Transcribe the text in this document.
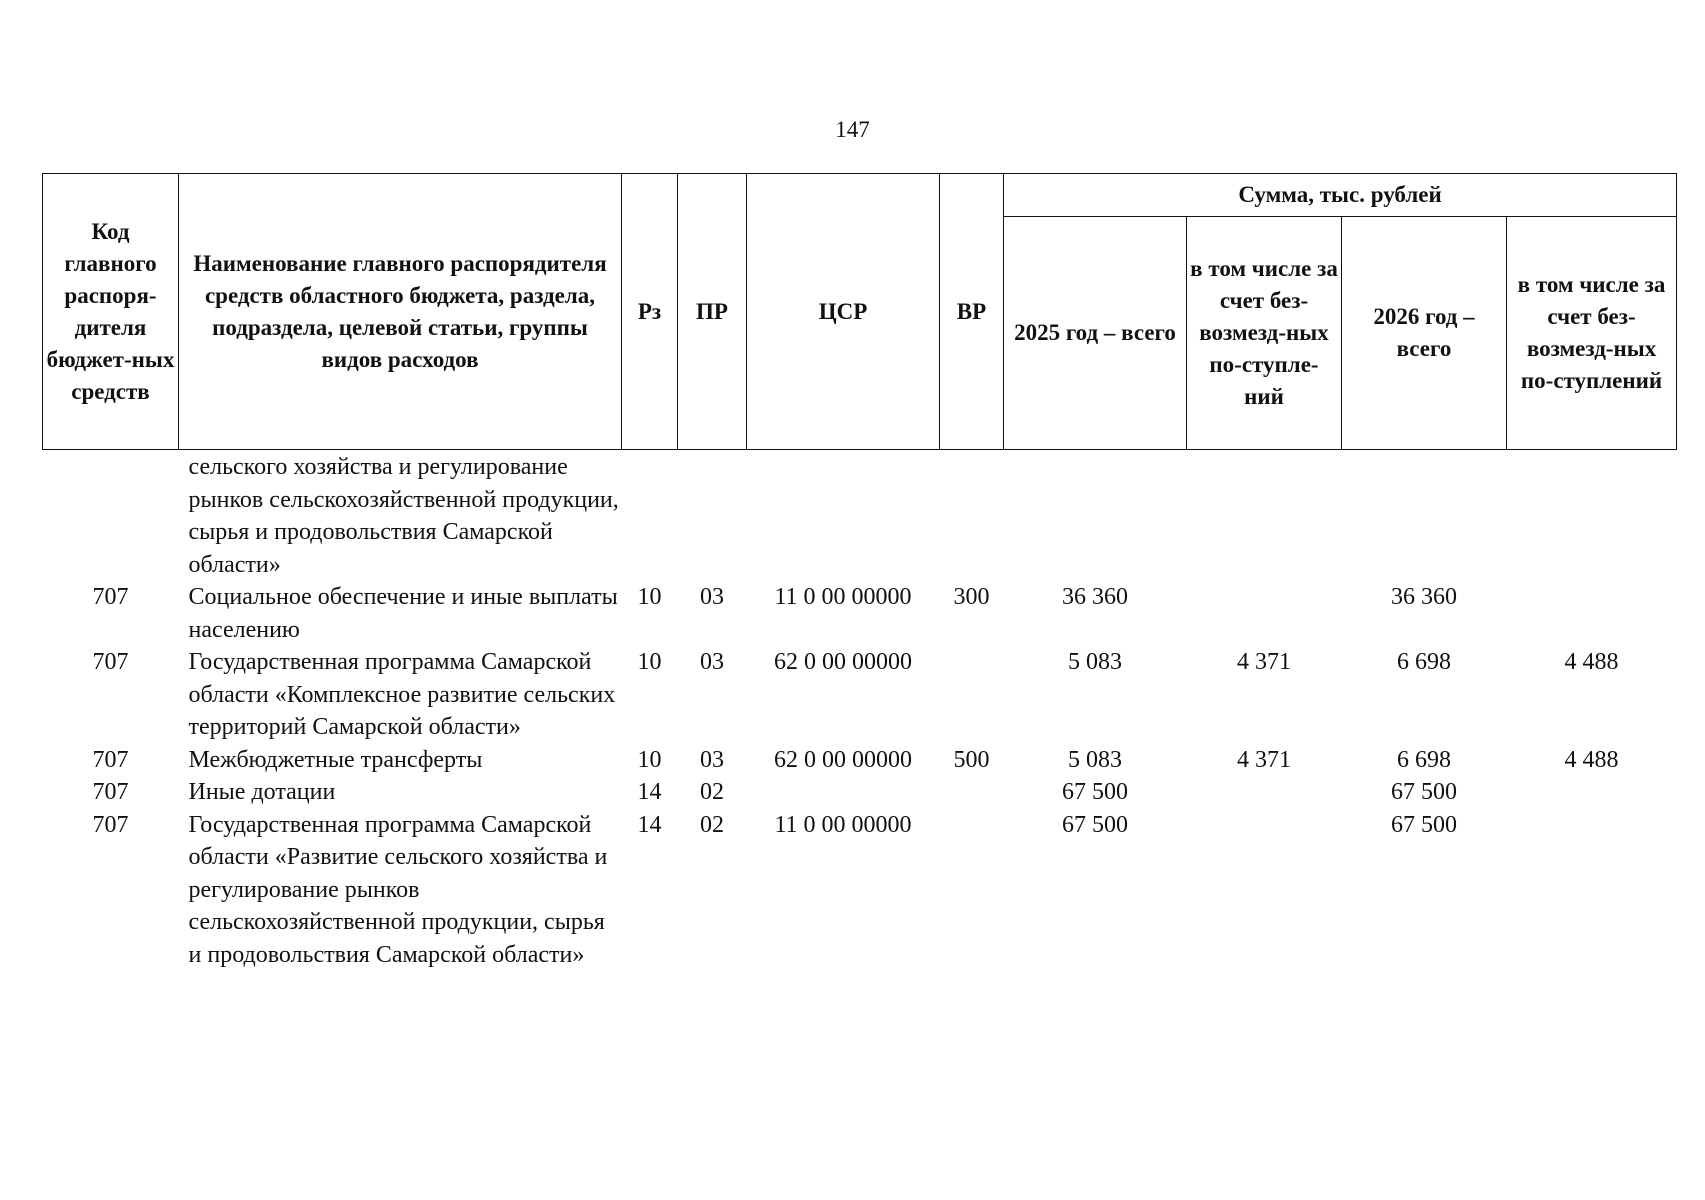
147
Код главного распоря-дителя бюджет-ных средств	Наименование главного распорядителя средств областного бюджета, раздела, подраздела, целевой статьи, группы видов расходов	Рз	ПР	ЦСР	ВР	Сумма, тыс. рублей			
						2025 год – всего	в том числе за счет без-возмезд-ных по-ступле-ний	2026 год – всего	в том числе за счет без-возмезд-ных по-ступлений
	сельского хозяйства и регулирование рынков сельскохозяйственной продукции, сырья и продовольствия Самарской области»								
707	Социальное обеспечение и иные выплаты населению	10	03	11 0 00 00000	300	36 360		36 360	
707	Государственная программа Самарской области «Комплексное развитие сельских территорий Самарской области»	10	03	62 0 00 00000		5 083	4 371	6 698	4 488
707	Межбюджетные трансферты	10	03	62 0 00 00000	500	5 083	4 371	6 698	4 488
707	Иные дотации	14	02			67 500		67 500	
707	Государственная программа Самарской области «Развитие сельского хозяйства и регулирование рынков сельскохозяйственной продукции, сырья и продовольствия Самарской области»	14	02	11 0 00 00000		67 500		67 500	
